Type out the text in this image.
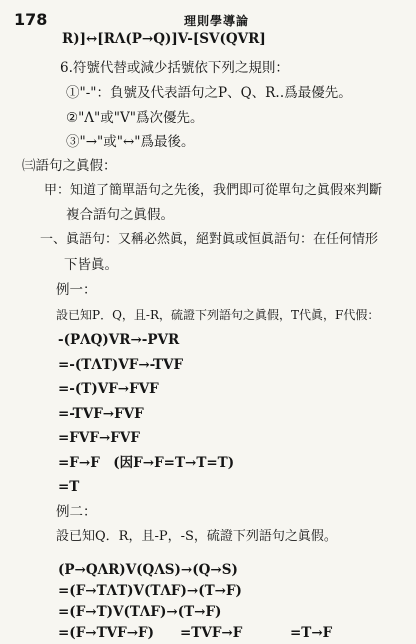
178	理則學導論
R)]↔[RΛ(P→Q)]V-[SV(QVR]
6.符號代替或減少括號依下列之規則：
①"-"：負號及代表語句之P、Q、R‥爲最優先。
②"Λ"或"V"爲次優先。
③"→"或"↔"爲最後。
㈢語句之眞假：
甲：知道了簡單語句之先後，我們即可從單句之眞假來判斷
複合語句之眞假。
一、眞語句：又稱必然眞，絕對眞或恒眞語句：在任何情形
下皆眞。
例一：
設已知P．Q，且-R，硫證下列語句之眞假，T代眞，F代假：
-(PΛQ)VR→-PVR
=-(TΛT)VF→-TVF
=-(T)VF→FVF
=-TVF→FVF
=FVF→FVF
=F→F　(因F→F=T→T=T)
=T
例二：
設已知Q．R，且-P，-S，硫證下列語句之眞假。
(P→QΛR)V(QΛS)→(Q→S)
=(F→TΛT)V(TΛF)→(T→F)
=(F→T)V(TΛF)→(T→F)
=(F→TVF→F) =TVF→F	=T→F
